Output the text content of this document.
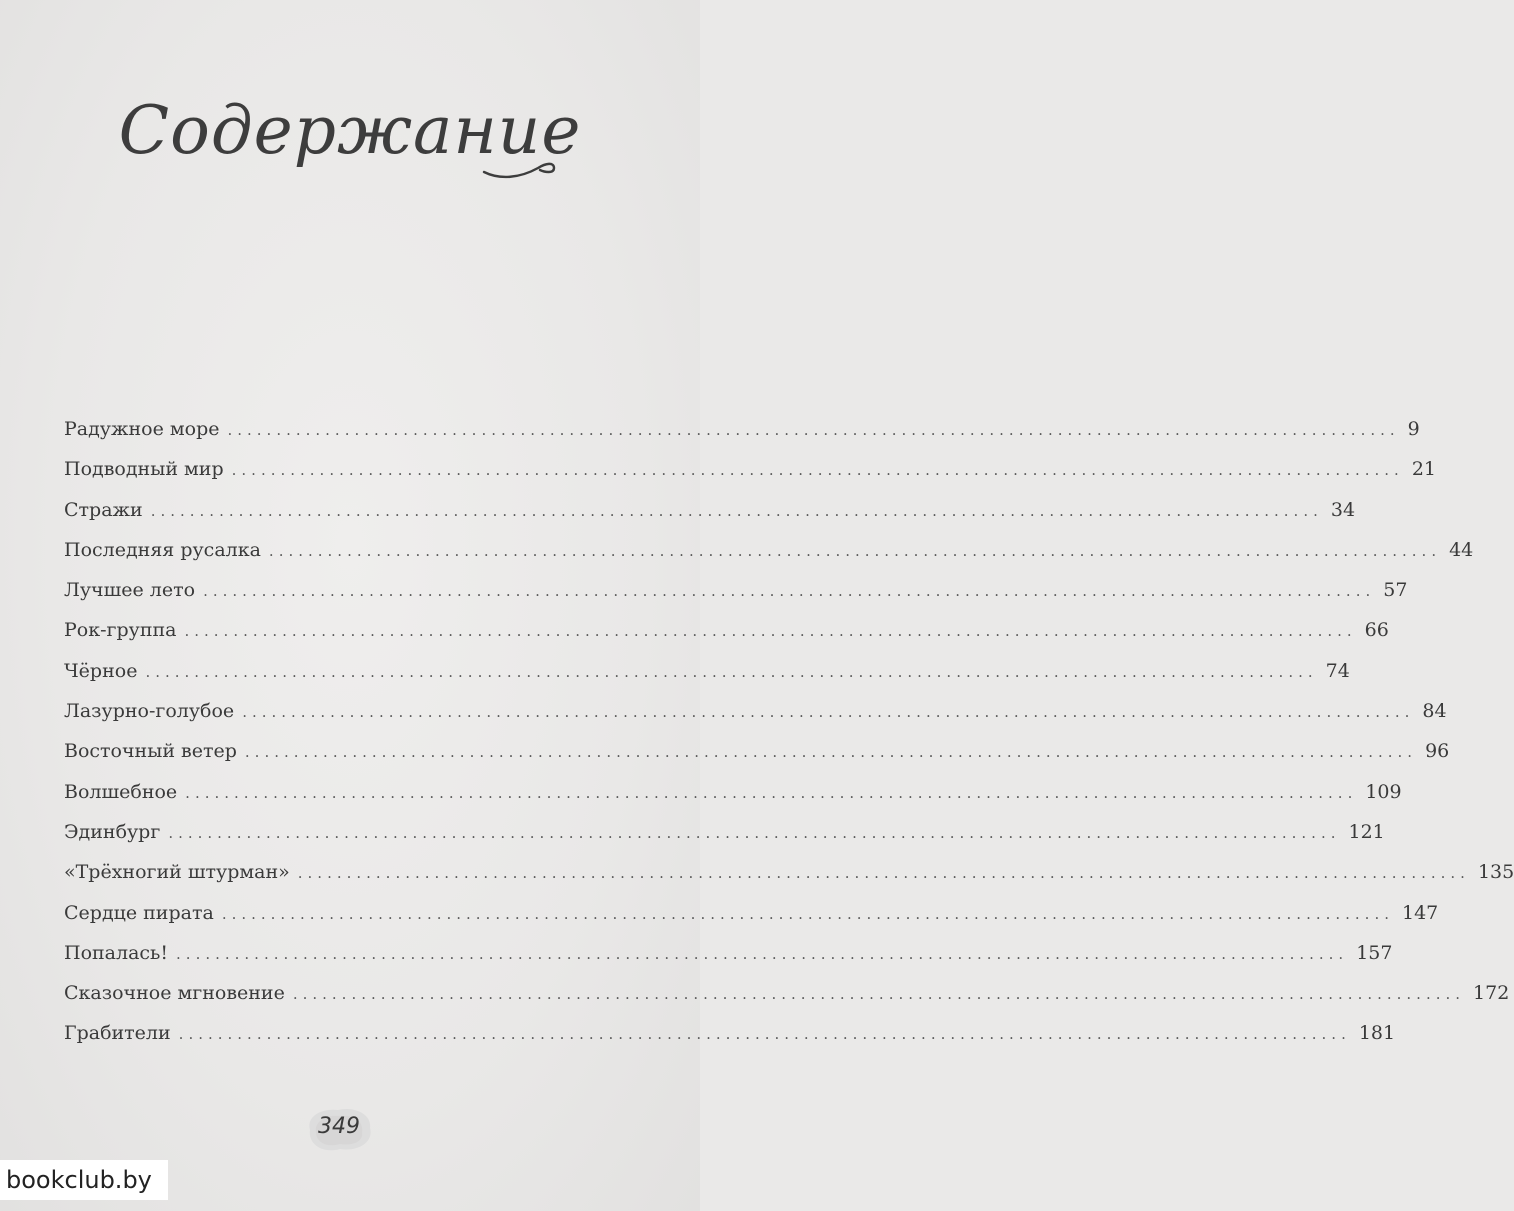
Содержание
Радужное море ........................................................................................................................ 9
Подводный мир ........................................................................................................................ 21
Стражи ........................................................................................................................ 34
Последняя русалка ........................................................................................................................ 44
Лучшее лето ........................................................................................................................ 57
Рок-группа ........................................................................................................................ 66
Чёрное ........................................................................................................................ 74
Лазурно-голубое ........................................................................................................................ 84
Восточный ветер ........................................................................................................................ 96
Волшебное ........................................................................................................................ 109
Эдинбург ........................................................................................................................ 121
«Трёхногий штурман» ........................................................................................................................ 135
Сердце пирата ........................................................................................................................ 147
Попалась! ........................................................................................................................ 157
Сказочное мгновение ........................................................................................................................ 172
Грабители ........................................................................................................................ 181
349
bookclub.by
